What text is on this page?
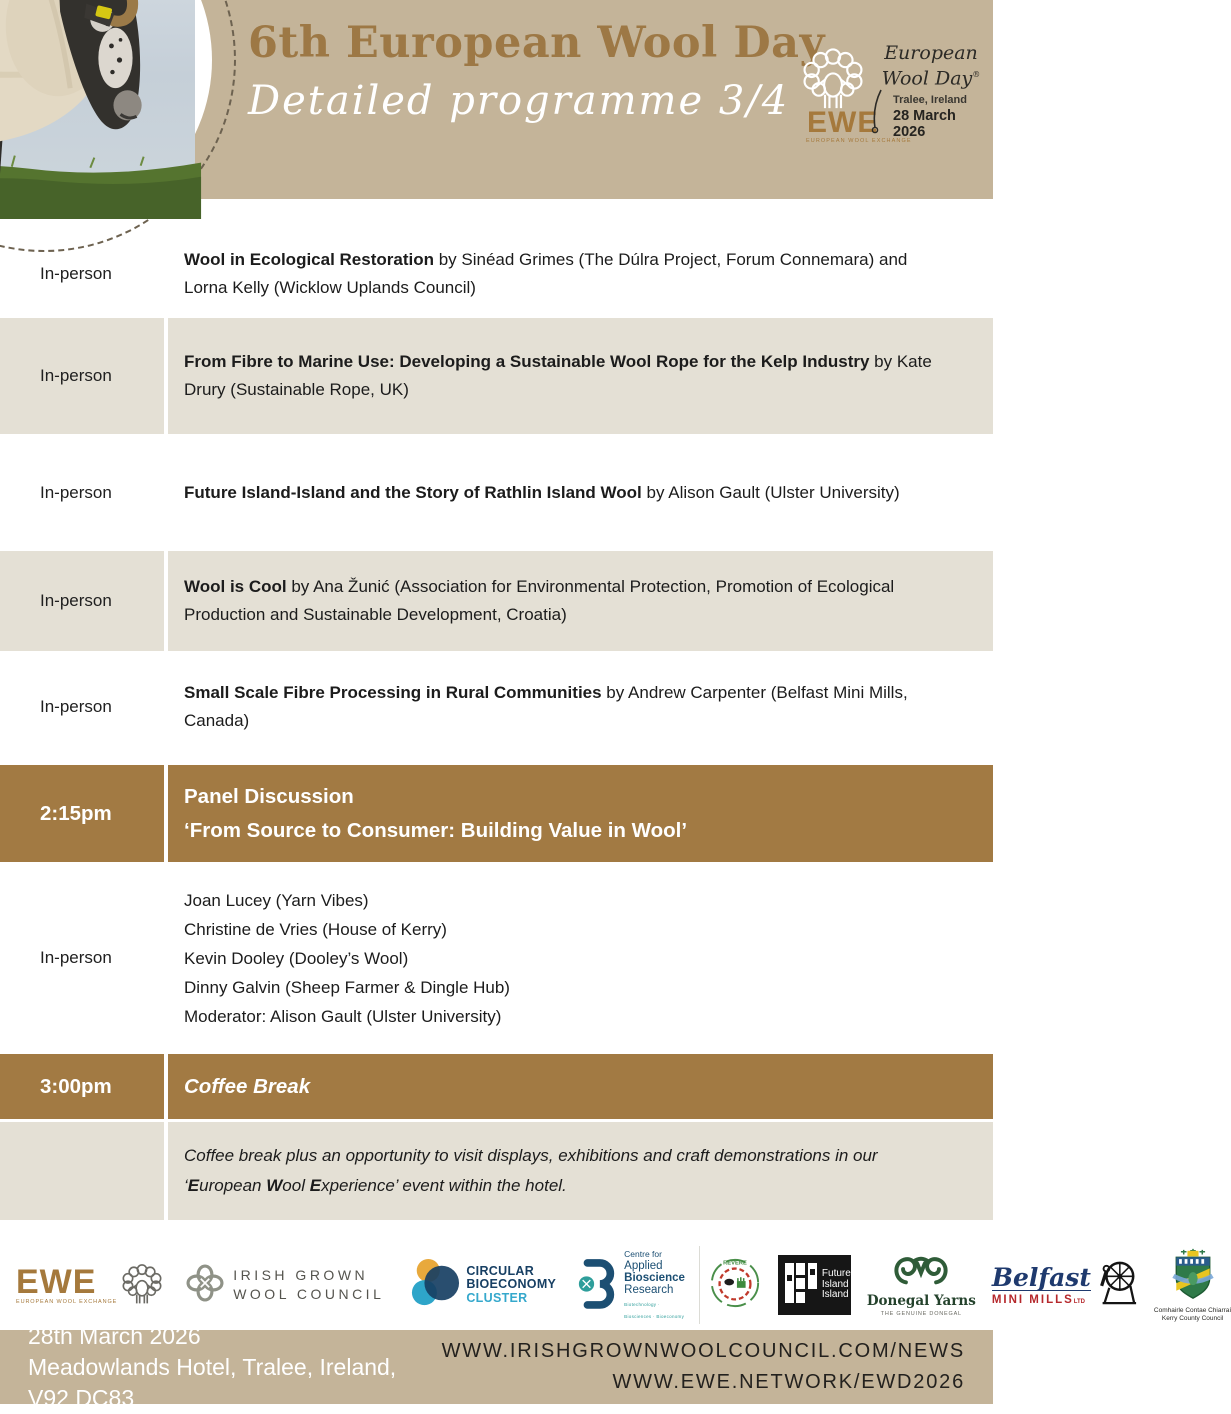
6th European Wool Day
Detailed programme 3/4 EWE
EUROPEAN WOOL EXCHANGE
European
Wool Day®
Tralee, Ireland
28 March 2026
In-person

Wool in Ecological Restoration by Sinéad Grimes (The Dúlra Project, Forum Connemara) and Lorna Kelly (Wicklow Uplands Council)

In-person

From Fibre to Marine Use: Developing a Sustainable Wool Rope for the Kelp Industry by Kate Drury (Sustainable Rope, UK)

In-person	Future Island-Island and the Story of Rathlin Island Wool by Alison Gault (Ulster University)

In-person

Wool is Cool by Ana Žunić (Association for Environmental Protection, Promotion of Ecological Production and Sustainable Development, Croatia)

In-person

Small Scale Fibre Processing in Rural Communities by Andrew Carpenter (Belfast Mini Mills, Canada)

2:15pm
Panel Discussion
‘From Source to Consumer: Building Value in Wool’
In-person
Joan Lucey (Yarn Vibes)
Christine de Vries (House of Kerry)
Kevin Dooley (Dooley’s Wool)
Dinny Galvin (Sheep Farmer & Dingle Hub)
Moderator: Alison Gault (Ulster University)
3:00pm	Coffee Break

Coffee break plus an opportunity to visit displays, exhibitions and craft demonstrations in our ‘European Wool Experience’ event within the hotel.

EWE
EUROPEAN WOOL EXCHANGE
IRISH GROWN
WOOL COUNCIL
CIRCULAR
BIOECONOMY
CLUSTER
Centre for
Applied Bioscience
Research
Biotechnology · Biosciences · Bioeconomy
REVERE
Future
Island
Island Donegal Yarns
THE GENUINE DONEGAL
Belfast
MINI MILLSLTD
Comhairle Contae Chiarraí
Kerry County Council
28th March 2026
Meadowlands Hotel, Tralee, Ireland, V92 DC83
WWW.IRISHGROWNWOOLCOUNCIL.COM/NEWS
WWW.EWE.NETWORK/EWD2026
